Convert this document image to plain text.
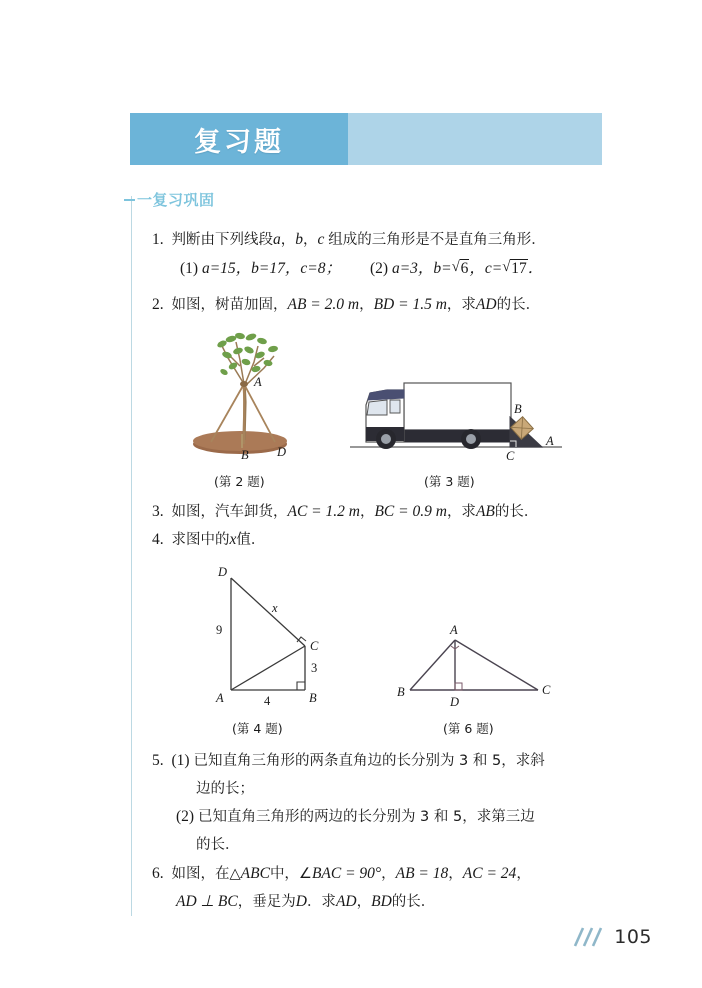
复习题
一复习巩固
1. 判断由下列线段a，b，c 组成的三角形是不是直角三角形．
(1) a=15，b=17，c=8； (2) a=3，b= √ 6，c= √ 17．
2. 如图，树苗加固，AB = 2.0 m，BD = 1.5 m，求AD的长．
A
B D
(第 2 题)
B
A
C
(第 3 题)
3. 如图，汽车卸货，AC = 1.2 m，BC = 0.9 m，求AB的长．
4. 求图中的x值．
D
C
A	B
9
x
3
4
(第 4 题)
A
B	C
D
(第 6 题)
5. (1) 已知直角三角形的两条直角边的长分别为 3 和 5，求斜
边的长；
(2) 已知直角三角形的两边的长分别为 3 和 5，求第三边
的长．
6. 如图，在△ABC中，∠BAC = 90°，AB = 18，AC = 24，
AD ⊥ BC，垂足为D．求AD，BD的长．
105
